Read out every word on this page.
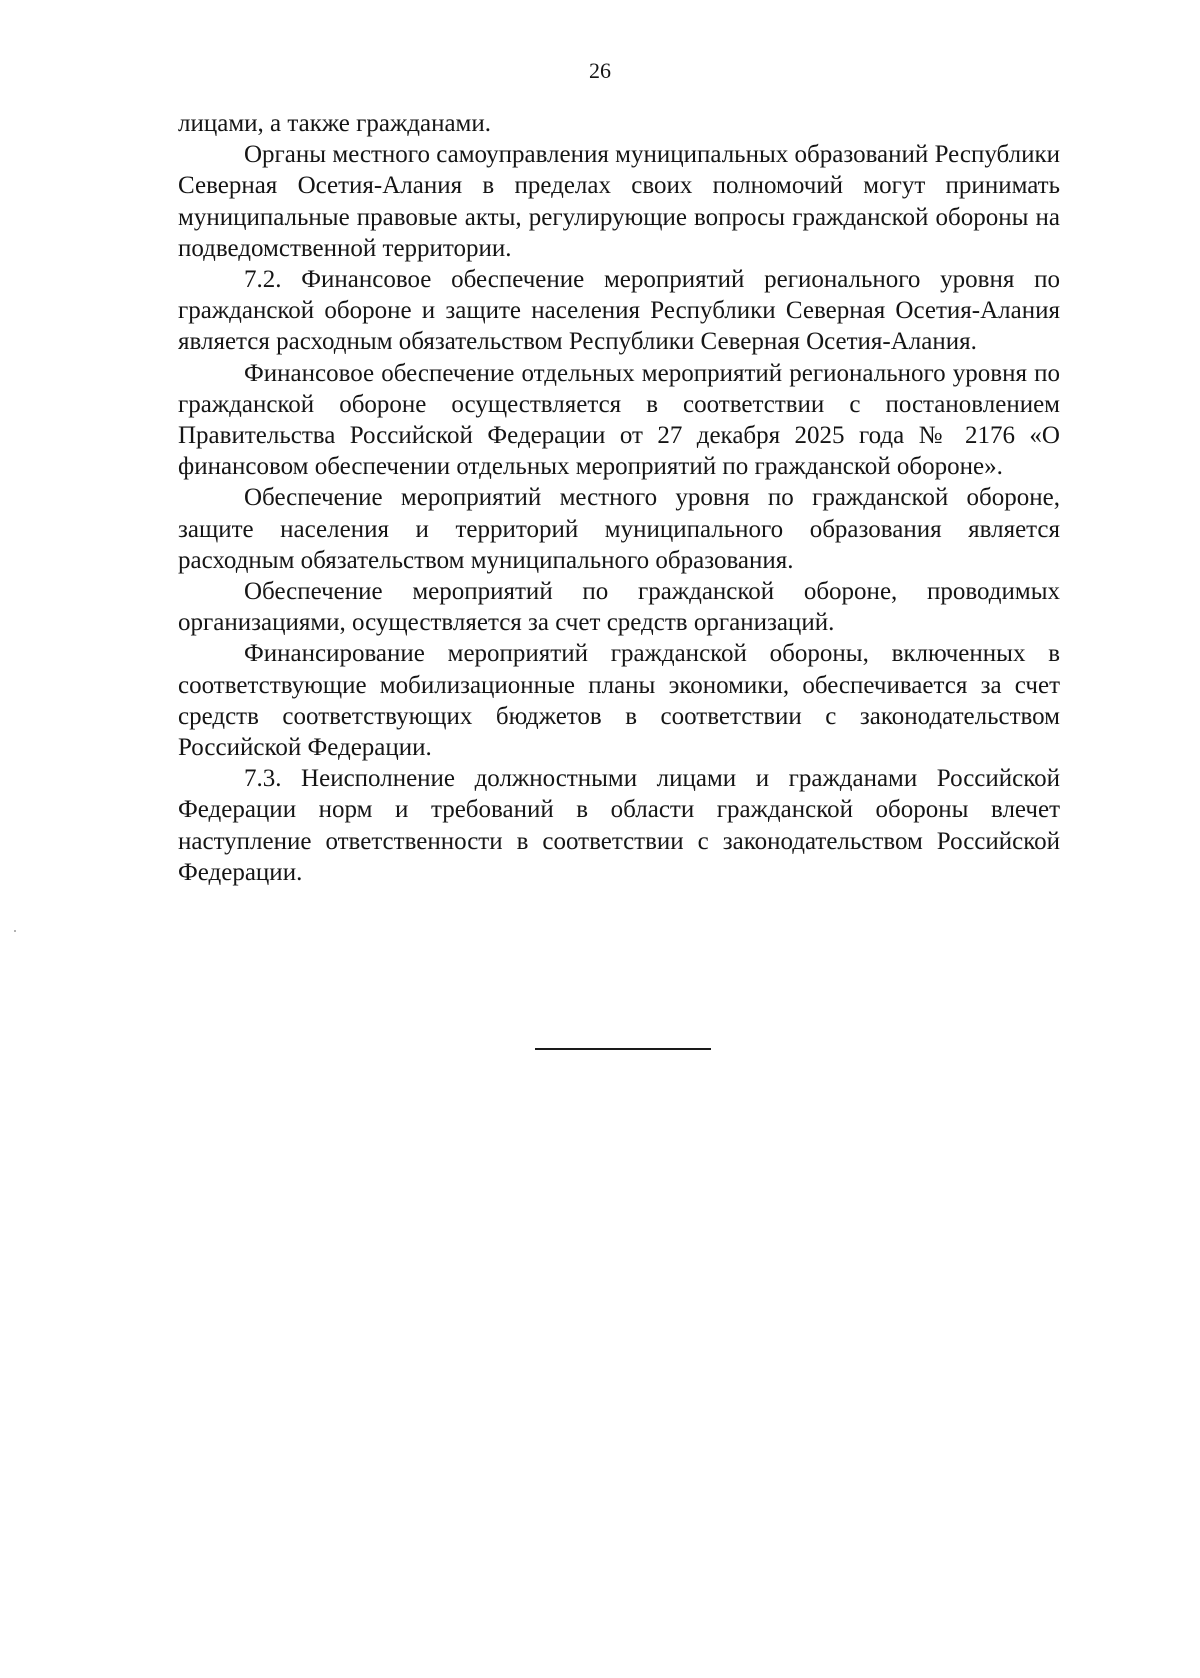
26

лицами, а также гражданами.

Органы местного самоуправления муниципальных образований Республики Северная Осетия-Алания в пределах своих полномочий могут принимать муниципальные правовые акты, регулирующие вопросы гражданской обороны на подведомственной территории.

7.2. Финансовое обеспечение мероприятий регионального уровня по гражданской обороне и защите населения Республики Северная Осетия-Алания является расходным обязательством Республики Северная Осетия-Алания.

Финансовое обеспечение отдельных мероприятий регионального уровня по гражданской обороне осуществляется в соответствии с постановлением Правительства Российской Федерации от 27 декабря 2025 года № 2176 «О финансовом обеспечении отдельных мероприятий по гражданской обороне».

Обеспечение мероприятий местного уровня по гражданской обороне, защите населения и территорий муниципального образования является расходным обязательством муниципального образования.

Обеспечение мероприятий по гражданской обороне, проводимых организациями, осуществляется за счет средств организаций.

Финансирование мероприятий гражданской обороны, включенных в соответствующие мобилизационные планы экономики, обеспечивается за счет средств соответствующих бюджетов в соответствии с законодательством Российской Федерации.

7.3. Неисполнение должностными лицами и гражданами Российской Федерации норм и требований в области гражданской обороны влечет наступление ответственности в соответствии с законодательством Российской Федерации.
